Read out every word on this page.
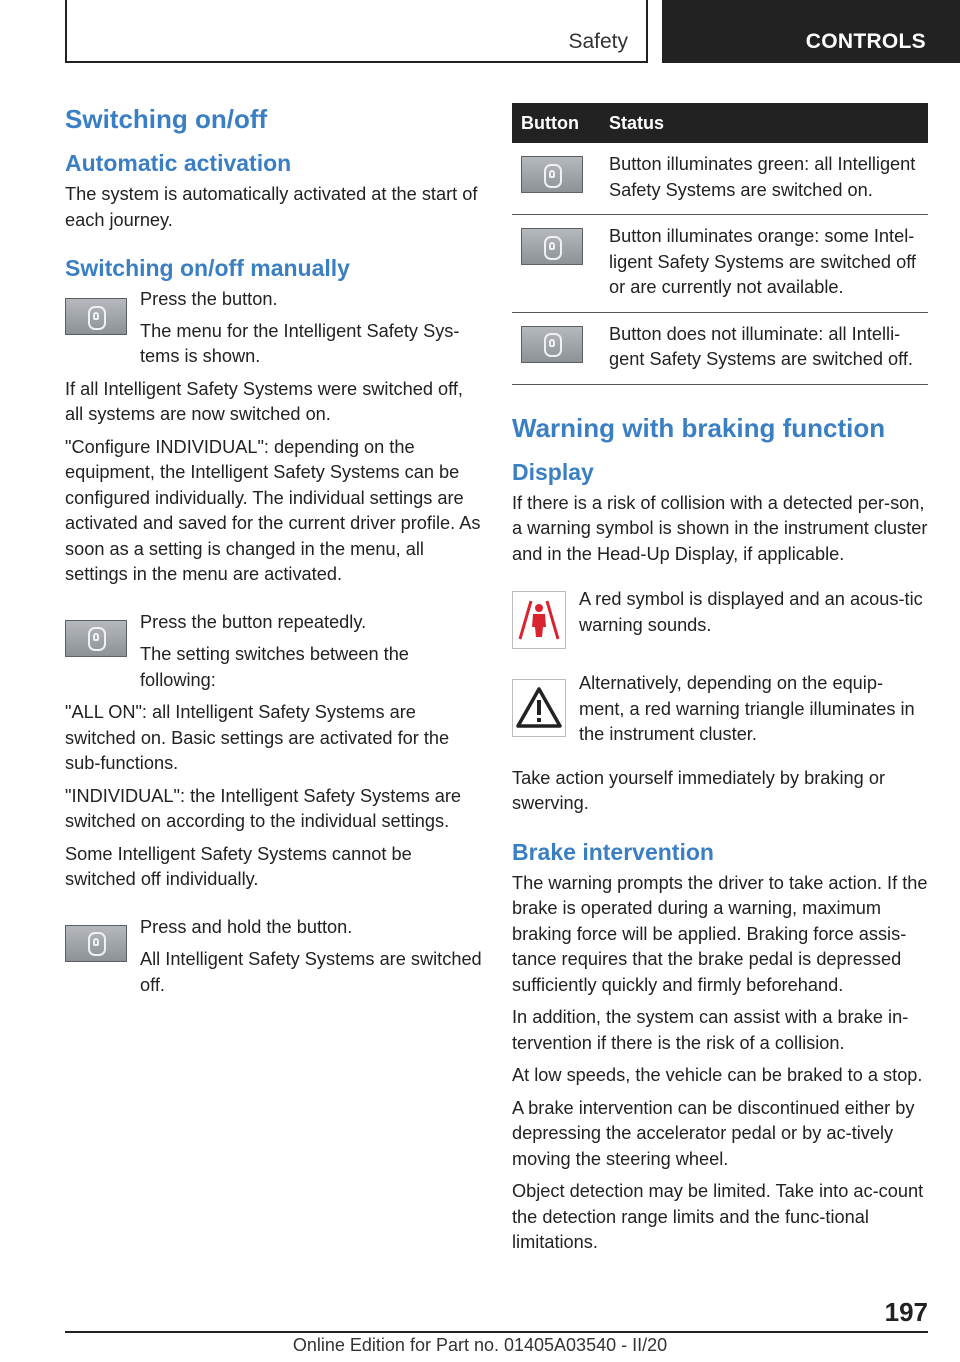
Safety	CONTROLS
Switching on/off
Automatic activation

The system is automatically activated at the start of each journey.

Switching on/off manually

Press the button.

The menu for the Intelligent Safety Sys-tems is shown.

If all Intelligent Safety Systems were switched off, all systems are now switched on.

"Configure INDIVIDUAL": depending on the equipment, the Intelligent Safety Systems can be configured individually. The individual settings are activated and saved for the current driver profile. As soon as a setting is changed in the menu, all settings in the menu are activated.

Press the button repeatedly.

The setting switches between the following:

"ALL ON": all Intelligent Safety Systems are switched on. Basic settings are activated for the sub-functions.

"INDIVIDUAL": the Intelligent Safety Systems are switched on according to the individual settings.

Some Intelligent Safety Systems cannot be switched off individually.

Press and hold the button.

All Intelligent Safety Systems are switched off.

Button	Status

	Button illuminates green: all Intelligent Safety Systems are switched on.

	Button illuminates orange: some Intel-ligent Safety Systems are switched off or are currently not available.

	Button does not illuminate: all Intelli-gent Safety Systems are switched off.

Warning with braking function
Display

If there is a risk of collision with a detected per-son, a warning symbol is shown in the instrument cluster and in the Head-Up Display, if applicable.

A red symbol is displayed and an acous-tic warning sounds.

Alternatively, depending on the equip-ment, a red warning triangle illuminates in the instrument cluster.

Take action yourself immediately by braking or swerving.

Brake intervention

The warning prompts the driver to take action. If the brake is operated during a warning, maximum braking force will be applied. Braking force assis-tance requires that the brake pedal is depressed sufficiently quickly and firmly beforehand.

In addition, the system can assist with a brake in-tervention if there is the risk of a collision.

At low speeds, the vehicle can be braked to a stop.

A brake intervention can be discontinued either by depressing the accelerator pedal or by ac-tively moving the steering wheel.

Object detection may be limited. Take into ac-count the detection range limits and the func-tional limitations.

197
Online Edition for Part no. 01405A03540 - II/20
